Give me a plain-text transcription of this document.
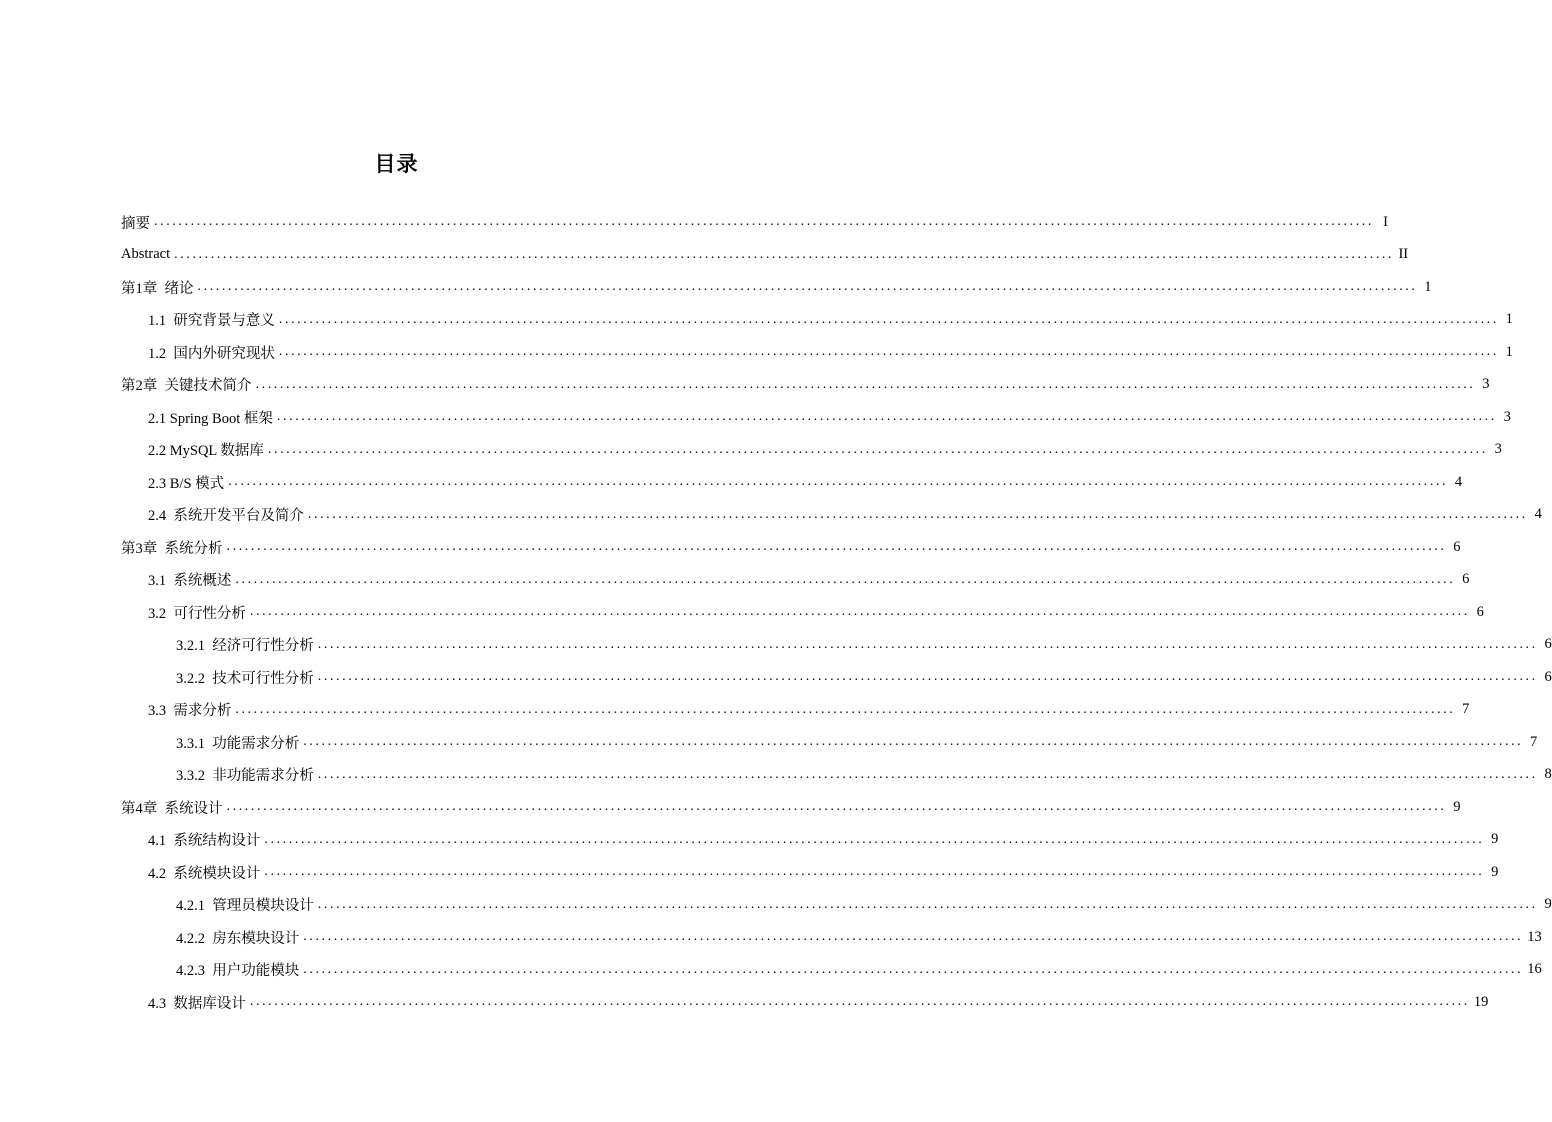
目录
摘要 ........................................................................................................................................................................................................ I
Abstract ........................................................................................................................................................................................................ II
第1章  绪论 ........................................................................................................................................................................................................ 1
1.1  研究背景与意义 ........................................................................................................................................................................................................ 1
1.2  国内外研究现状 ........................................................................................................................................................................................................ 1
第2章  关键技术简介 ........................................................................................................................................................................................................ 3
2.1 Spring Boot 框架 ........................................................................................................................................................................................................ 3
2.2 MySQL 数据库 ........................................................................................................................................................................................................ 3
2.3 B/S 模式 ........................................................................................................................................................................................................ 4
2.4  系统开发平台及简介 ........................................................................................................................................................................................................ 4
第3章  系统分析 ........................................................................................................................................................................................................ 6
3.1  系统概述 ........................................................................................................................................................................................................ 6
3.2  可行性分析 ........................................................................................................................................................................................................ 6
3.2.1  经济可行性分析 ........................................................................................................................................................................................................ 6
3.2.2  技术可行性分析 ........................................................................................................................................................................................................ 6
3.3  需求分析 ........................................................................................................................................................................................................ 7
3.3.1  功能需求分析 ........................................................................................................................................................................................................ 7
3.3.2  非功能需求分析 ........................................................................................................................................................................................................ 8
第4章  系统设计 ........................................................................................................................................................................................................ 9
4.1  系统结构设计 ........................................................................................................................................................................................................ 9
4.2  系统模块设计 ........................................................................................................................................................................................................ 9
4.2.1  管理员模块设计 ........................................................................................................................................................................................................ 9
4.2.2  房东模块设计 ........................................................................................................................................................................................................ 13
4.2.3  用户功能模块 ........................................................................................................................................................................................................ 16
4.3  数据库设计 ........................................................................................................................................................................................................ 19
